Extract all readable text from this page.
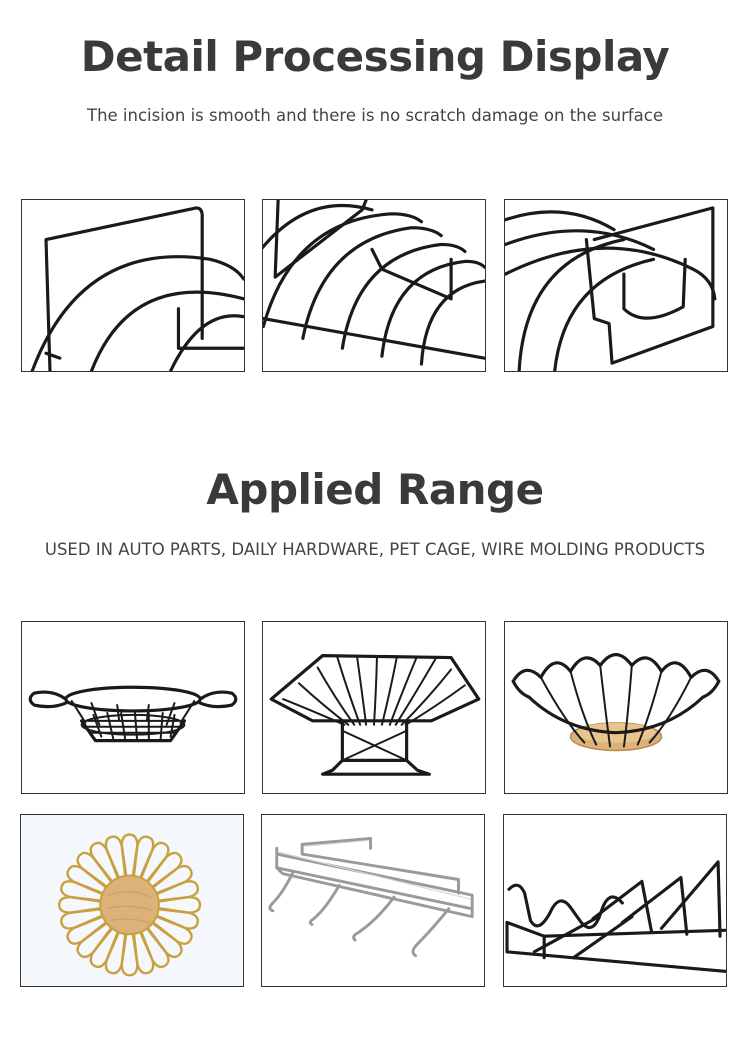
Detail Processing Display
The incision is smooth and there is no scratch damage on the surface
Applied Range
USED IN AUTO PARTS, DAILY HARDWARE, PET CAGE, WIRE MOLDING PRODUCTS
